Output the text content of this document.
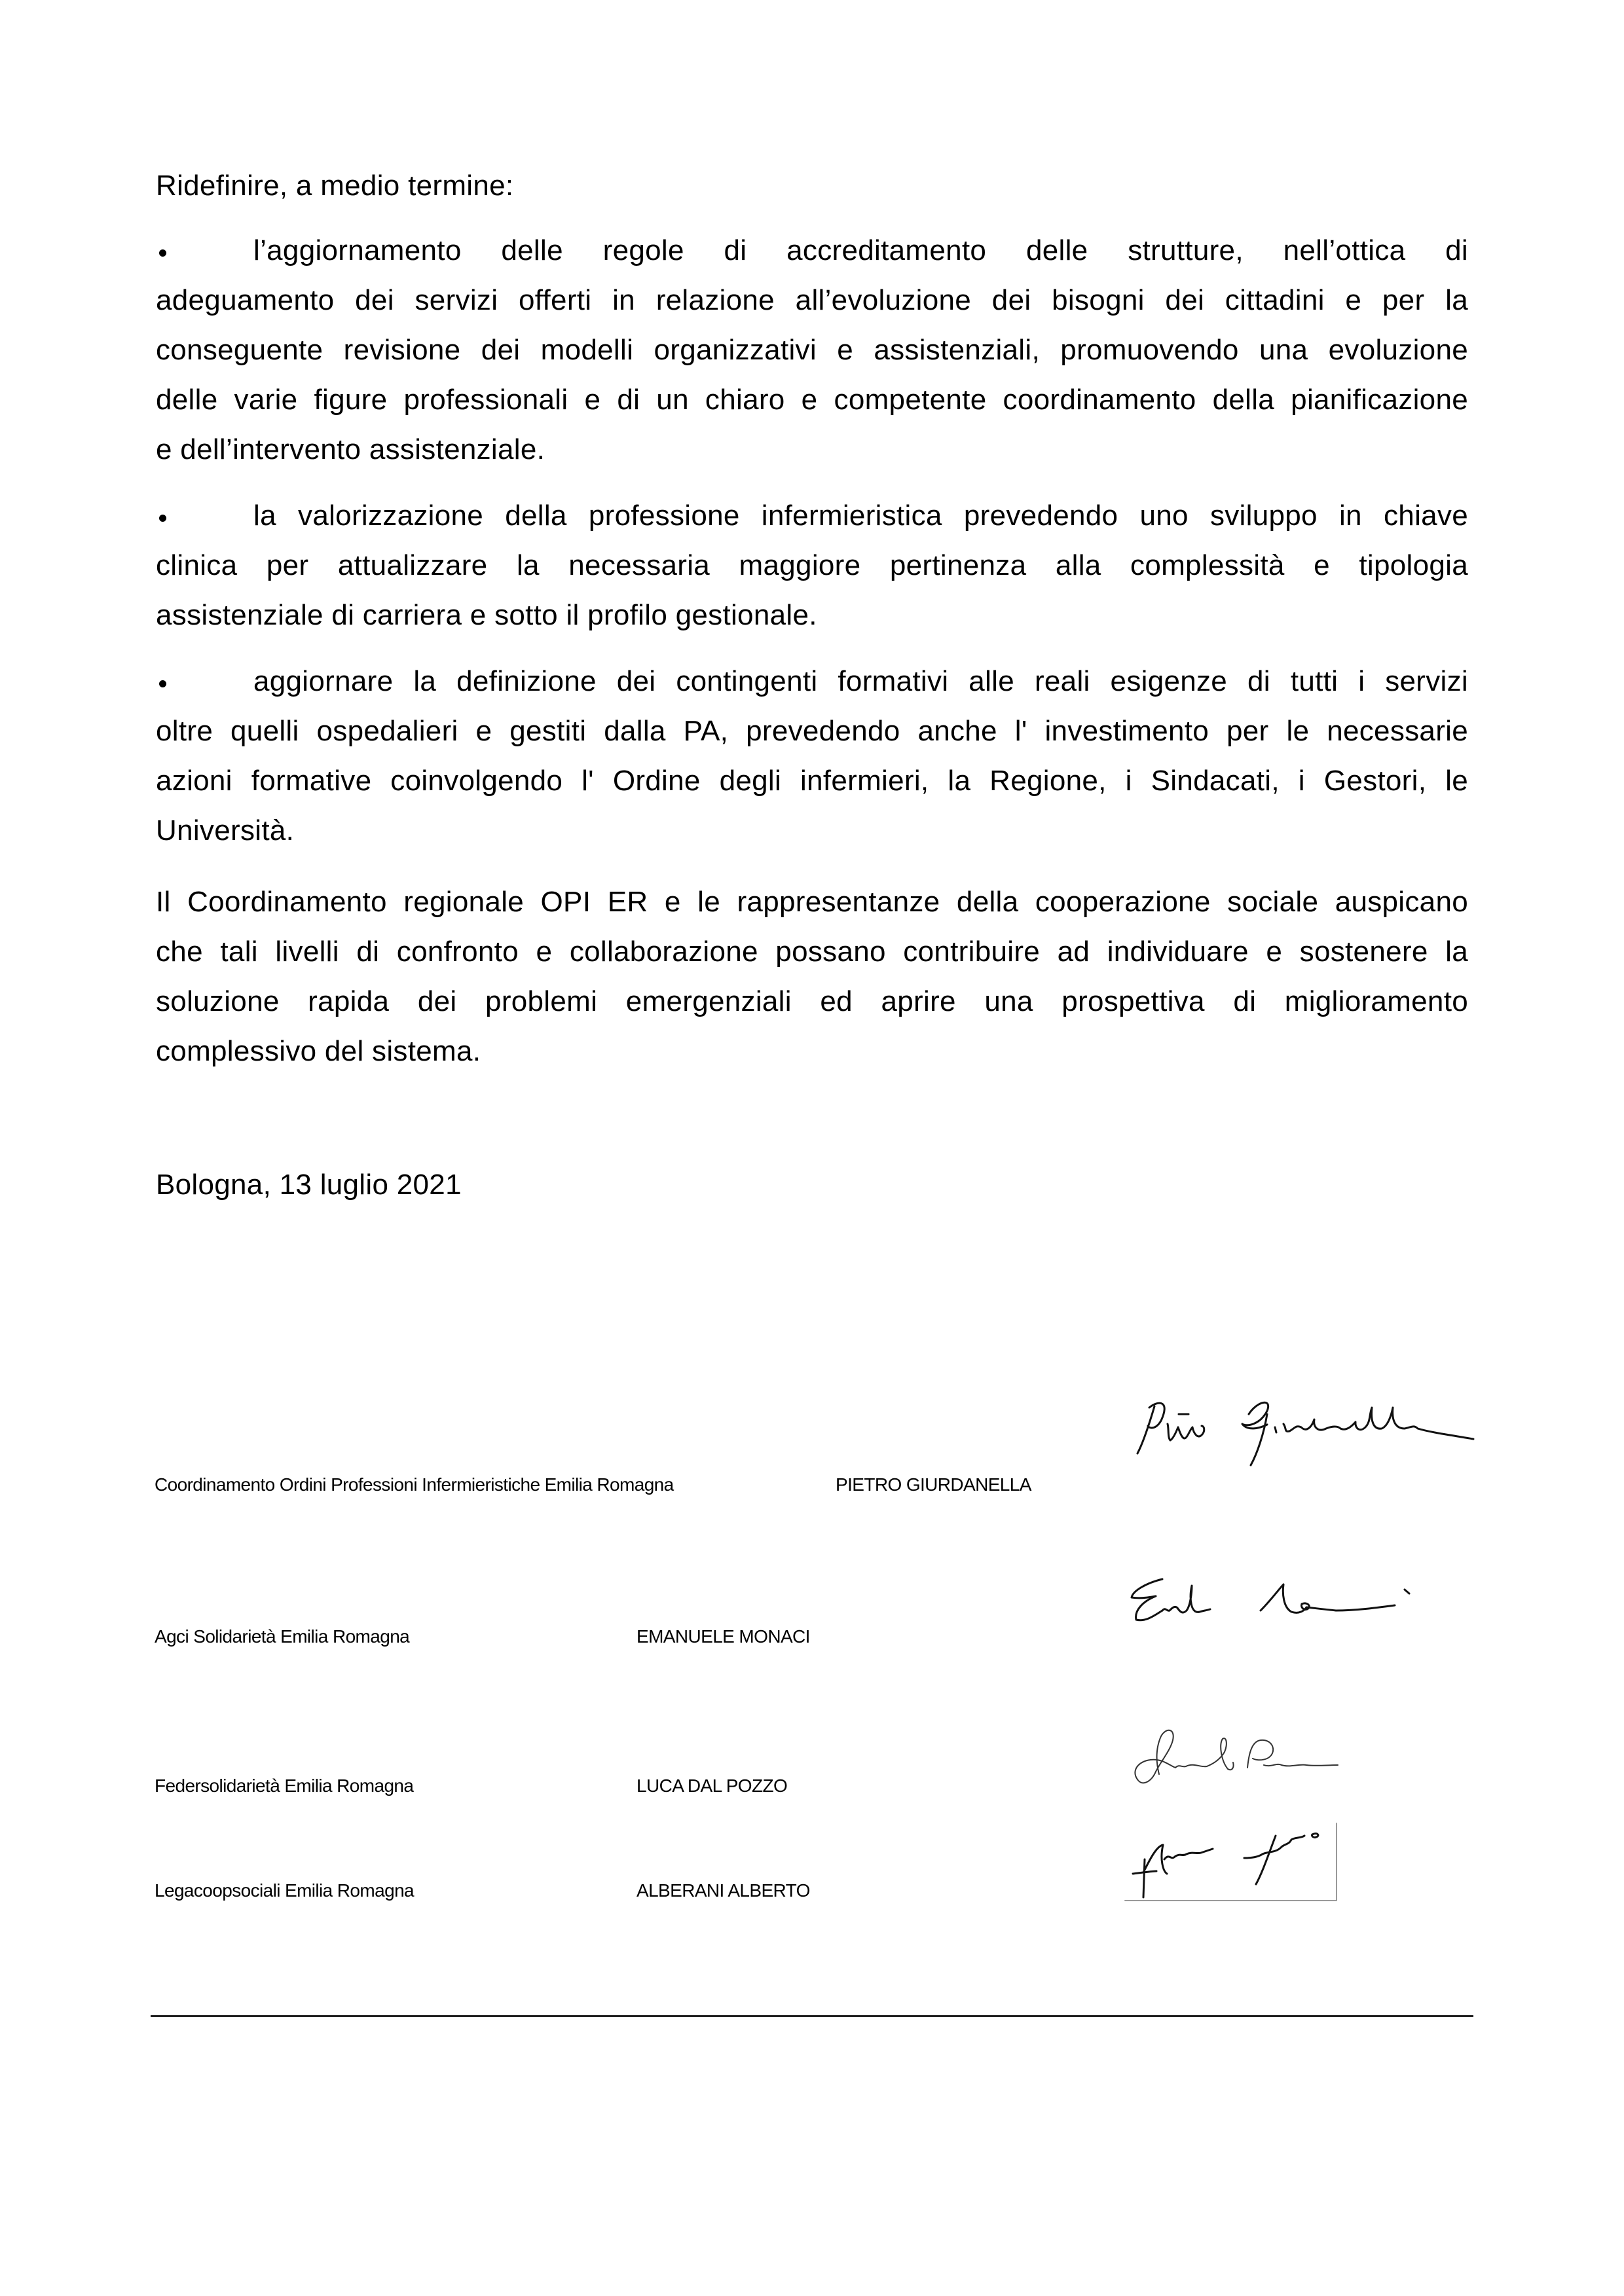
Ridefinire, a medio termine:
l’aggiornamento delle regole di accreditamento delle strutture, nell’ottica di
adeguamento dei servizi offerti in relazione all’evoluzione dei bisogni dei cittadini e per la
conseguente revisione dei modelli organizzativi e assistenziali, promuovendo una evoluzione
delle varie figure professionali e di un chiaro e competente coordinamento della pianificazione
e dell’intervento assistenziale.
la valorizzazione della professione infermieristica prevedendo uno sviluppo in chiave
clinica per attualizzare la necessaria maggiore pertinenza alla complessità e tipologia
assistenziale di carriera e sotto il profilo gestionale.
aggiornare la definizione dei contingenti formativi alle reali esigenze di tutti i servizi
oltre quelli ospedalieri e gestiti dalla PA, prevedendo anche l' investimento per le necessarie
azioni formative coinvolgendo l' Ordine degli infermieri, la Regione, i Sindacati, i Gestori, le
Università.
Il Coordinamento regionale OPI ER e le rappresentanze della cooperazione sociale auspicano
che tali livelli di confronto e collaborazione possano contribuire ad individuare e sostenere la
soluzione rapida dei problemi emergenziali ed aprire una prospettiva di miglioramento
complessivo del sistema.
Bologna, 13 luglio 2021
Coordinamento Ordini Professioni Infermieristiche Emilia Romagna	PIETRO GIURDANELLA
Agci Solidarietà Emilia Romagna	EMANUELE MONACI
Federsolidarietà Emilia Romagna	LUCA DAL POZZO
Legacoopsociali Emilia Romagna	ALBERANI ALBERTO
